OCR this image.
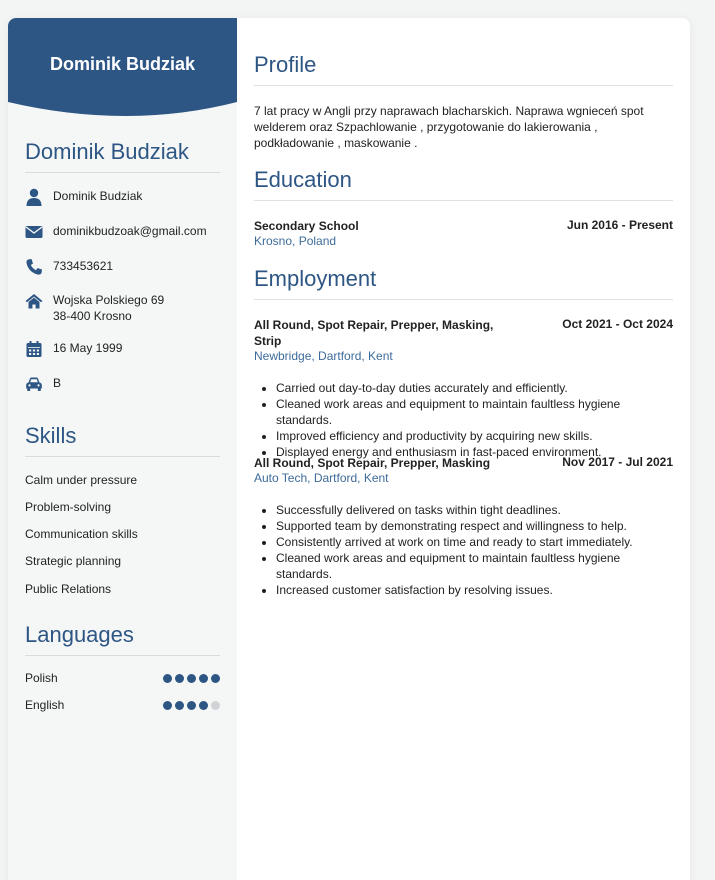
Dominik Budziak
Dominik Budziak
Dominik Budziak
dominikbudzoak@gmail.com
733453621
Wojska Polskiego 69
38-400 Krosno
16 May 1999
B
Skills
Calm under pressure
Problem-solving
Communication skills
Strategic planning
Public Relations
Languages
Polish
English
Profile
7 lat pracy w Angli przy naprawach blacharskich. Naprawa wgnieceń spot welderem oraz Szpachlowanie , przygotowanie do lakierowania , podkładowanie , maskowanie .
Education
Secondary School	Jun 2016 - Present
Krosno, Poland
Employment
All Round, Spot Repair, Prepper, Masking, Strip
Oct 2021 - Oct 2024
Newbridge, Dartford, Kent
• Carried out day-to-day duties accurately and efficiently.
• Cleaned work areas and equipment to maintain faultless hygiene standards.
• Improved efficiency and productivity by acquiring new skills.
• Displayed energy and enthusiasm in fast-paced environment.
All Round, Spot Repair, Prepper, Masking	Nov 2017 - Jul 2021
Auto Tech, Dartford, Kent
• Successfully delivered on tasks within tight deadlines.
• Supported team by demonstrating respect and willingness to help.
• Consistently arrived at work on time and ready to start immediately.
• Cleaned work areas and equipment to maintain faultless hygiene standards.
• Increased customer satisfaction by resolving issues.
